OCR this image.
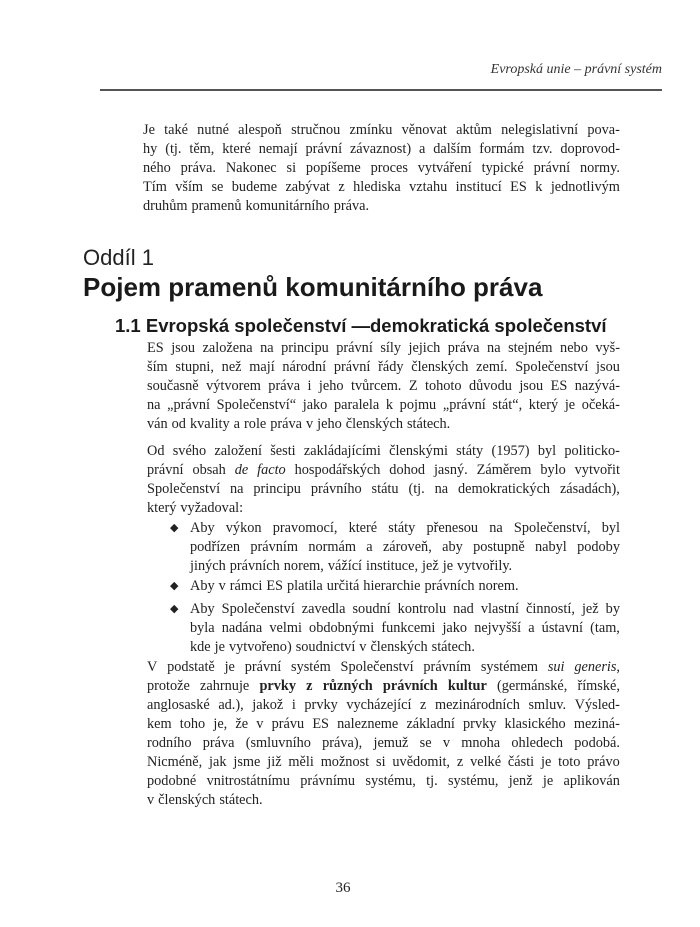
Evropská unie – právní systém
Je také nutné alespoň stručnou zmínku věnovat aktům nelegislativní pova-
hy (tj. těm, které nemají právní závaznost) a dalším formám tzv. doprovod-
ného práva. Nakonec si popíšeme proces vytváření typické právní normy.
Tím vším se budeme zabývat z hlediska vztahu institucí ES k jednotlivým
druhům pramenů komunitárního práva.
Oddíl 1
Pojem pramenů komunitárního práva
1.1 Evropská společenství —demokratická společenství
ES jsou založena na principu právní síly jejich práva na stejném nebo vyš-
ším stupni, než mají národní právní řády členských zemí. Společenství jsou
současně výtvorem práva i jeho tvůrcem. Z tohoto důvodu jsou ES nazývá-
na „právní Společenství“ jako paralela k pojmu „právní stát“, který je očeká-
ván od kvality a role práva v jeho členských státech.
Od svého založení šesti zakládajícími členskými státy (1957) byl politicko-
právní obsah de facto hospodářských dohod jasný. Záměrem bylo vytvořit
Společenství na principu právního státu (tj. na demokratických zásadách),
který vyžadoval:
◆ Aby výkon pravomocí, které státy přenesou na Společenství, byl
podřízen právním normám a zároveň, aby postupně nabyl podoby
jiných právních norem, vážící instituce, jež je vytvořily.
◆ Aby v rámci ES platila určitá hierarchie právních norem.
◆ Aby Společenství zavedla soudní kontrolu nad vlastní činností, jež by
byla nadána velmi obdobnými funkcemi jako nejvyšší a ústavní (tam,
kde je vytvořeno) soudnictví v členských státech.
V podstatě je právní systém Společenství právním systémem sui generis,
protože zahrnuje prvky z různých právních kultur (germánské, římské,
anglosaské ad.), jakož i prvky vycházející z mezinárodních smluv. Výsled-
kem toho je, že v právu ES nalezneme základní prvky klasického meziná-
rodního práva (smluvního práva), jemuž se v mnoha ohledech podobá.
Nicméně, jak jsme již měli možnost si uvědomit, z velké části je toto právo
podobné vnitrostátnímu právnímu systému, tj. systému, jenž je aplikován
v členských státech.
36
